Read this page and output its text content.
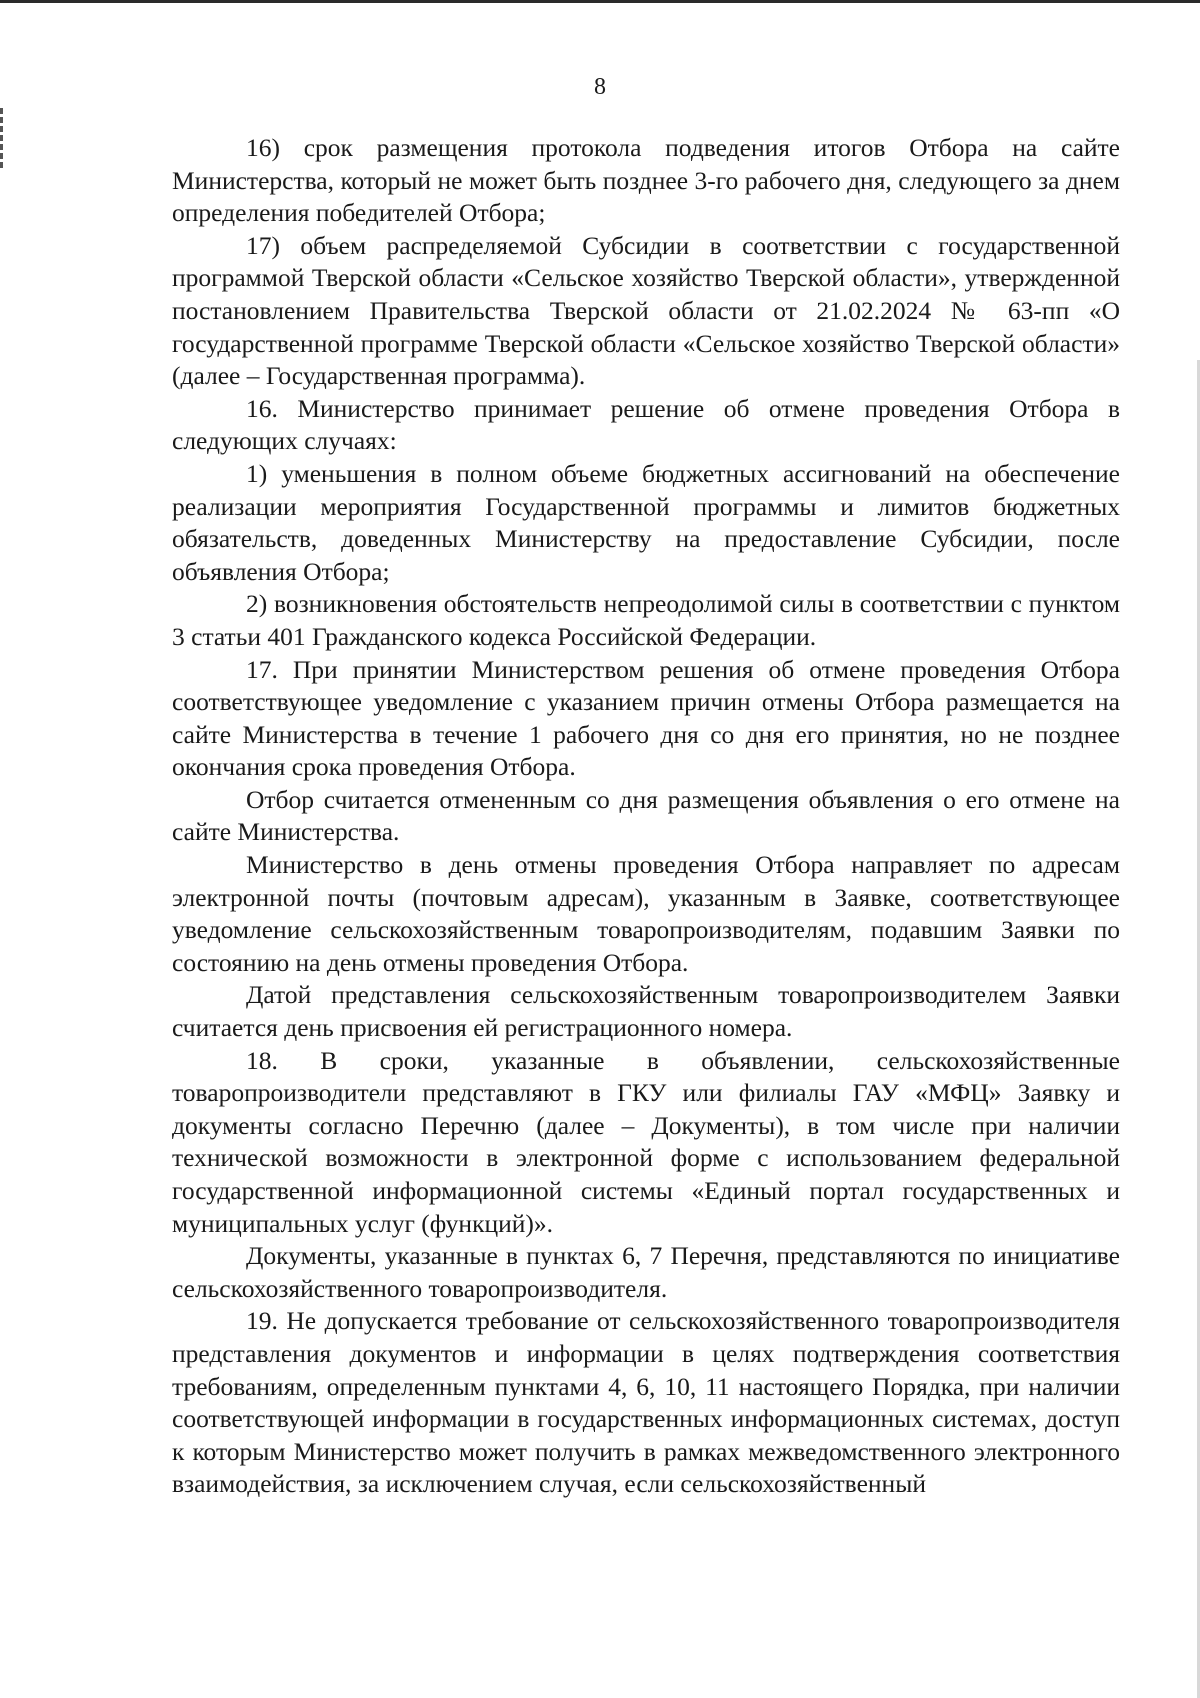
8

16) срок размещения протокола подведения итогов Отбора на сайте Министерства, который не может быть позднее 3-го рабочего дня, следующего за днем определения победителей Отбора;

17) объем распределяемой Субсидии в соответствии с государственной программой Тверской области «Сельское хозяйство Тверской области», утвержденной постановлением Правительства Тверской области от 21.02.2024 № 63-пп «О государственной программе Тверской области «Сельское хозяйство Тверской области» (далее – Государственная программа).

16. Министерство принимает решение об отмене проведения Отбора в следующих случаях:

1) уменьшения в полном объеме бюджетных ассигнований на обеспечение реализации мероприятия Государственной программы и лимитов бюджетных обязательств, доведенных Министерству на предоставление Субсидии, после объявления Отбора;

2) возникновения обстоятельств непреодолимой силы в соответствии с пунктом 3 статьи 401 Гражданского кодекса Российской Федерации.

17. При принятии Министерством решения об отмене проведения Отбора соответствующее уведомление с указанием причин отмены Отбора размещается на сайте Министерства в течение 1 рабочего дня со дня его принятия, но не позднее окончания срока проведения Отбора.

Отбор считается отмененным со дня размещения объявления о его отмене на сайте Министерства.

Министерство в день отмены проведения Отбора направляет по адресам электронной почты (почтовым адресам), указанным в Заявке, соответствующее уведомление сельскохозяйственным товаропроизводителям, подавшим Заявки по состоянию на день отмены проведения Отбора.

Датой представления сельскохозяйственным товаропроизводителем Заявки считается день присвоения ей регистрационного номера.

18. В сроки, указанные в объявлении, сельскохозяйственные товаропроизводители представляют в ГКУ или филиалы ГАУ «МФЦ» Заявку и документы согласно Перечню (далее – Документы), в том числе при наличии технической возможности в электронной форме с использованием федеральной государственной информационной системы «Единый портал государственных и муниципальных услуг (функций)».

Документы, указанные в пунктах 6, 7 Перечня, представляются по инициативе сельскохозяйственного товаропроизводителя.

19. Не допускается требование от сельскохозяйственного товаропроизводителя представления документов и информации в целях подтверждения соответствия требованиям, определенным пунктами 4, 6, 10, 11 настоящего Порядка, при наличии соответствующей информации в государственных информационных системах, доступ к которым Министерство может получить в рамках межведомственного электронного взаимодействия, за исключением случая, если сельскохозяйственный
